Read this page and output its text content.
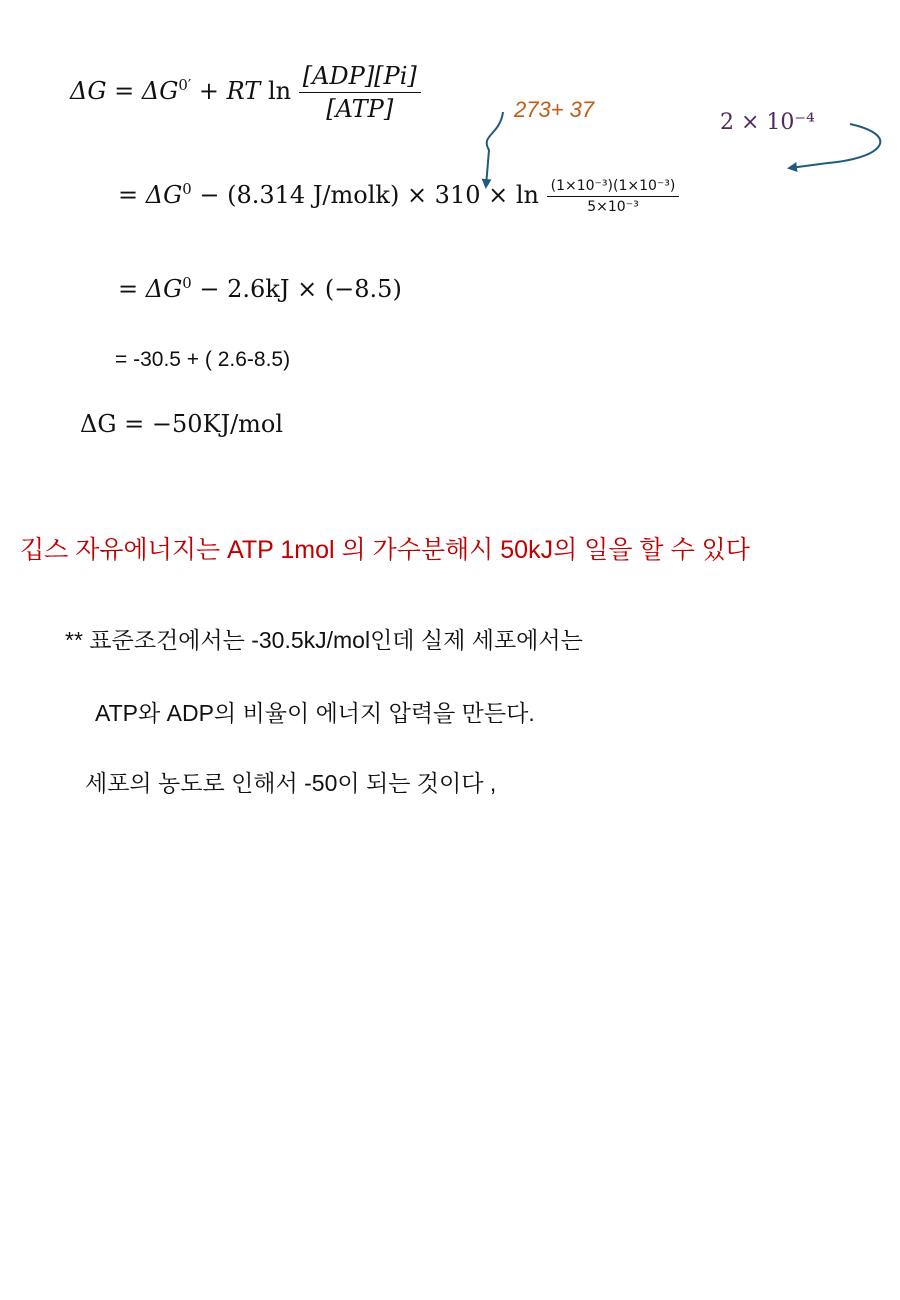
$\Delta G = \Delta G^{0'}$ + RT $\ln \frac{\text{[ADP][Pi]}}{\text{[ATP]}}$	273+ 37
2 × 10⁻⁴
= $\Delta G^0 - (8.314$ J/molk) × $310 \times \ln \frac{\text{(1×10⁻³)(1×10⁻³)}}{\text{5×10⁻³}}$
= $\Delta G^0 - 2.6kJ \times (-8.5)$
= -30.5 + ( 2.6-8.5)
ΔG = −50KJ/mol
깁스 자유에너지는 ATP 1mol 의 가수분해시 50kJ의 일을 할 수 있다
** 표준조건에서는 -30.5kJ/mol인데 실제 세포에서는
ATP와 ADP의 비율이 에너지 압력을 만든다.
세포의 농도로 인해서 -50이 되는 것이다 ,
